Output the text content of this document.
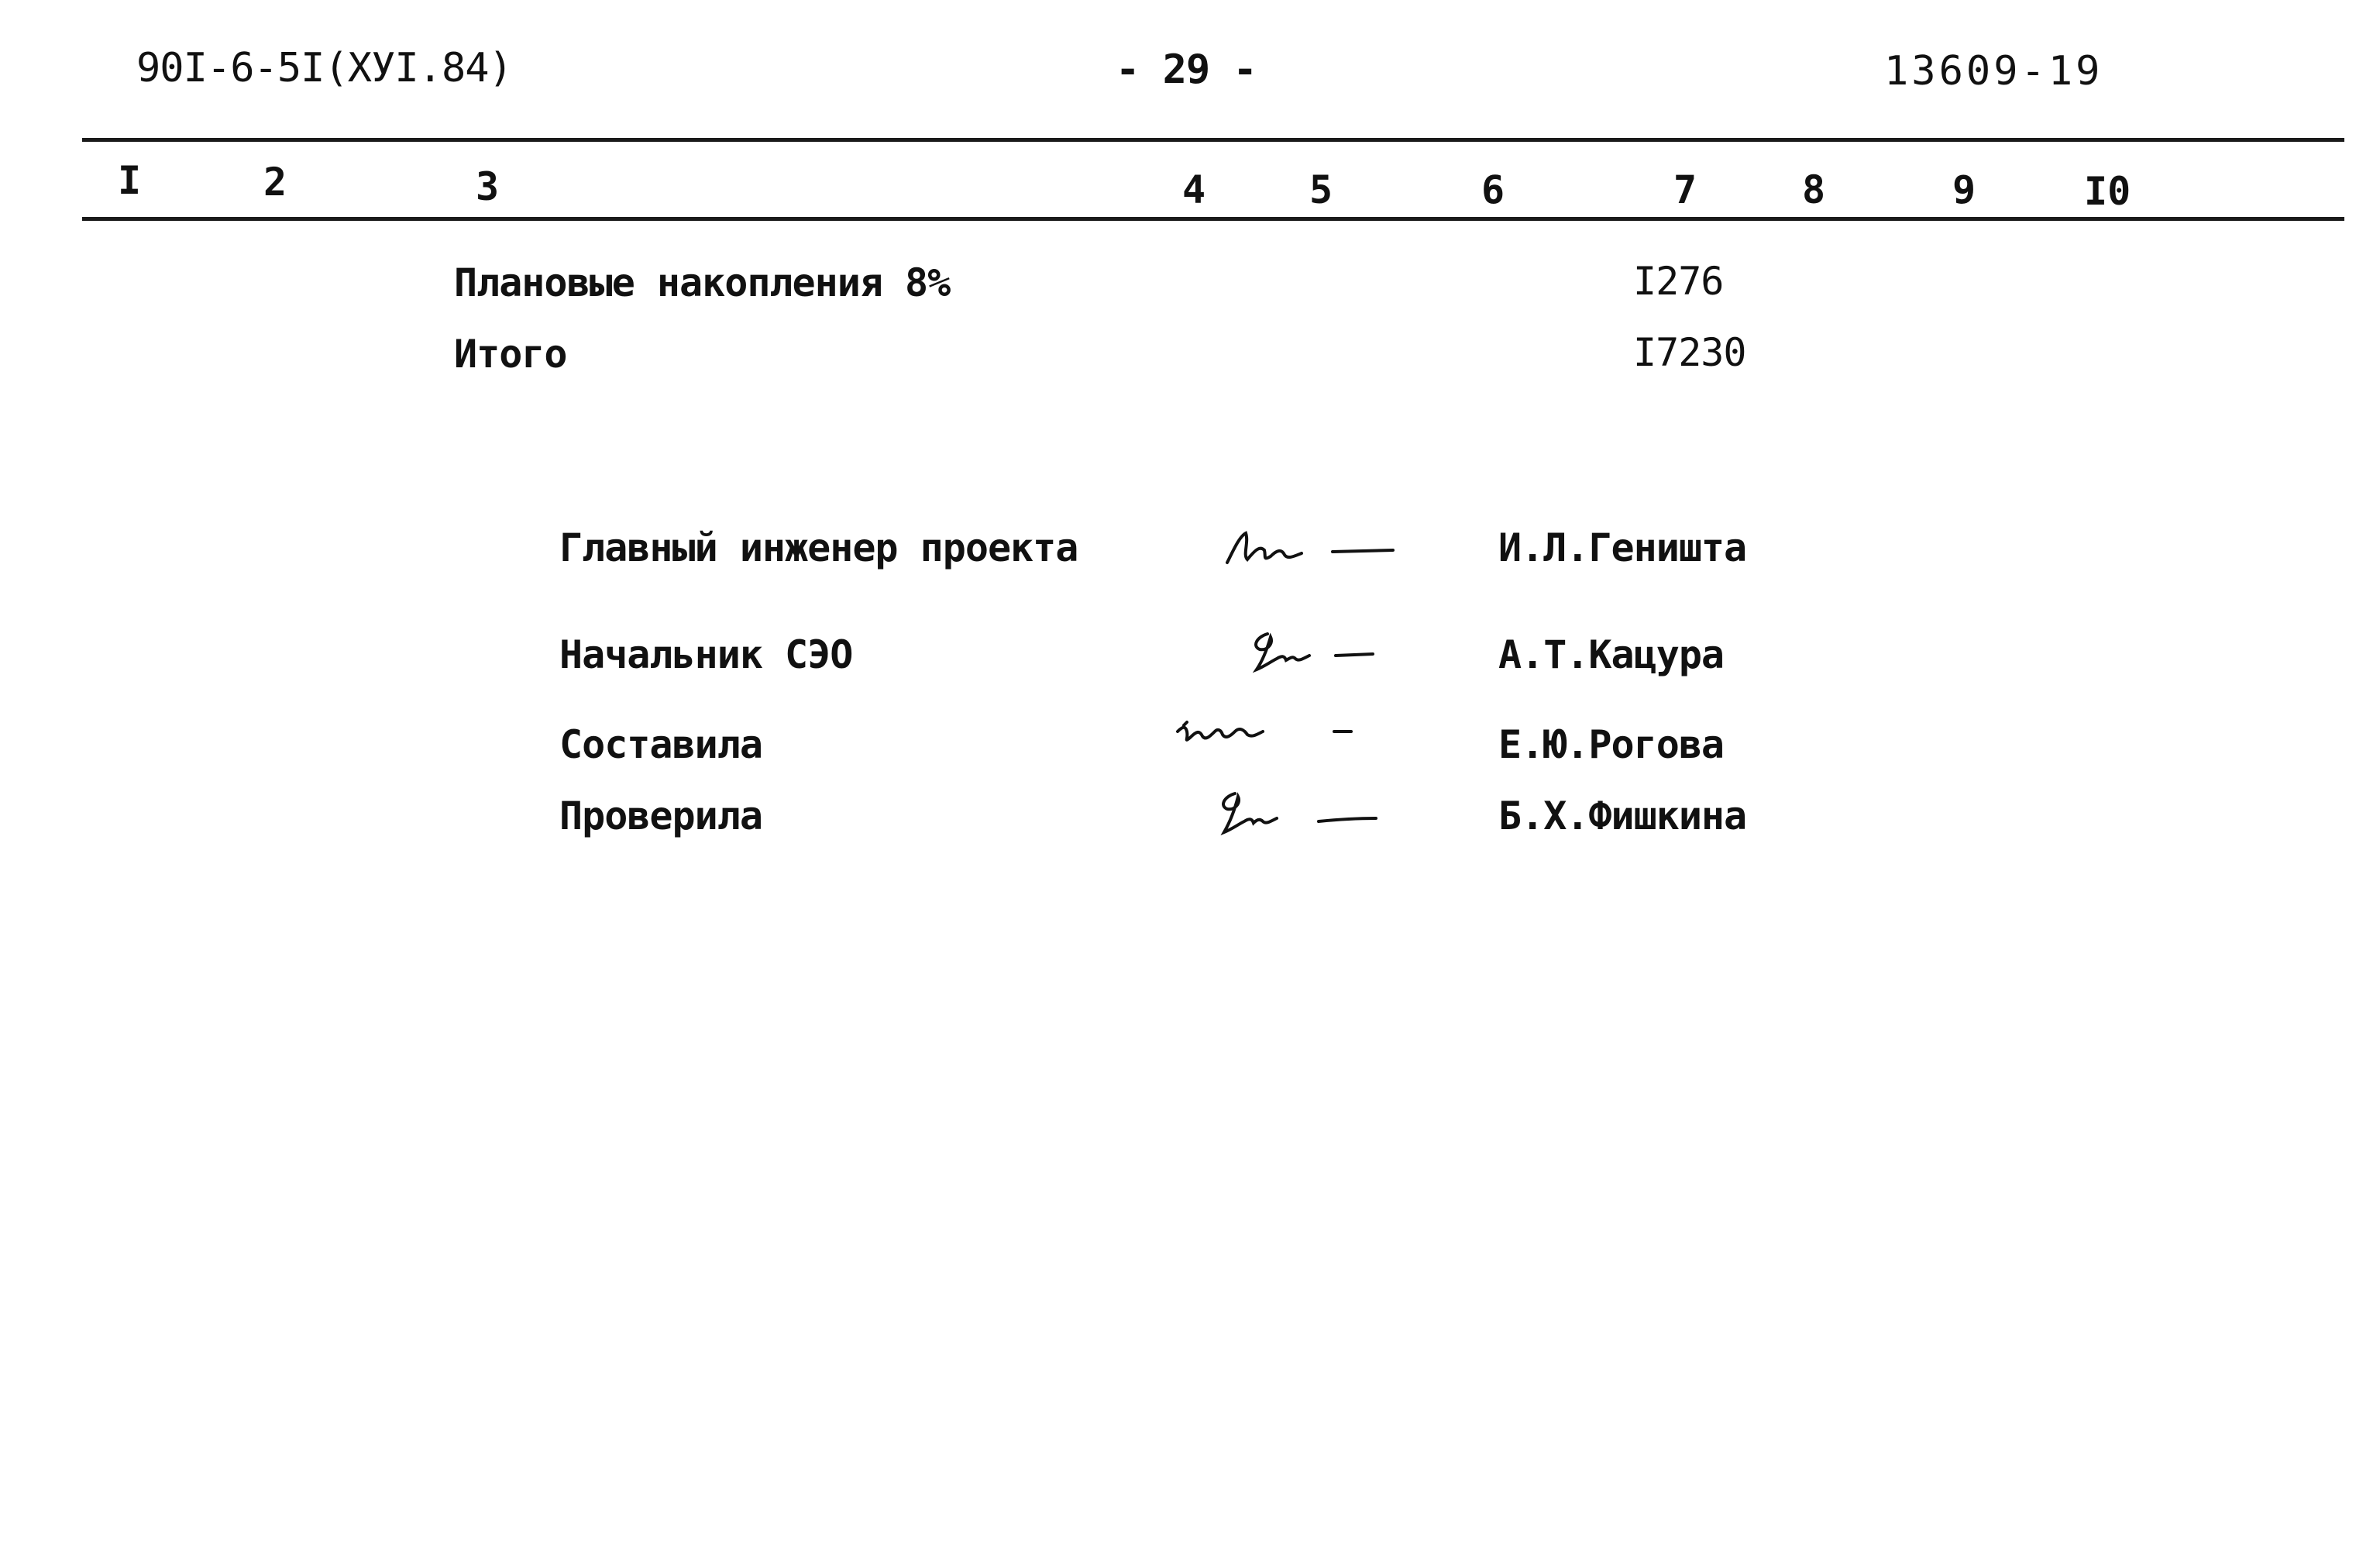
90I-6-5I(ХУI.84)	- 29 -	13609-19
I	2	3	4	5	6	7	8	9	I0
Плановые накопления 8%	I276
Итого	I7230
Главный инженер проекта	И.Л.Геништа
Начальник СЭО	А.Т.Кацура
Составила	Е.Ю.Рогова
Проверила	Б.Х.Фишкина
